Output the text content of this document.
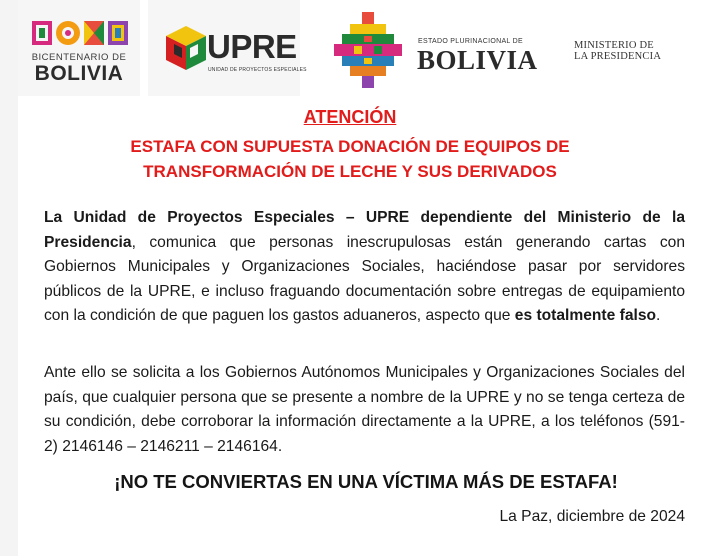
BICENTENARIO DE
BOLIVIA
UPRE
UNIDAD DE PROYECTOS ESPECIALES
ESTADO PLURINACIONAL DE
BOLIVIA	MINISTERIO DE
LA PRESIDENCIA
ATENCIÓN
ESTAFA CON SUPUESTA DONACIÓN DE EQUIPOS DE
TRANSFORMACIÓN DE LECHE Y SUS DERIVADOS

La Unidad de Proyectos Especiales – UPRE dependiente del Ministerio de la Presidencia, comunica que personas inescrupulosas están generando cartas con Gobiernos Municipales y Organizaciones Sociales, haciéndose pasar por servidores públicos de la UPRE, e incluso fraguando documentación sobre entregas de equipamiento con la condición de que paguen los gastos aduaneros, aspecto que es totalmente falso.

Ante ello se solicita a los Gobiernos Autónomos Municipales y Organizaciones Sociales del país, que cualquier persona que se presente a nombre de la UPRE y no se tenga certeza de su condición, debe corroborar la información directamente a la UPRE, a los teléfonos (591-2) 2146146 – 2146211 – 2146164.

¡NO TE CONVIERTAS EN UNA VÍCTIMA MÁS DE ESTAFA!
La Paz, diciembre de 2024
